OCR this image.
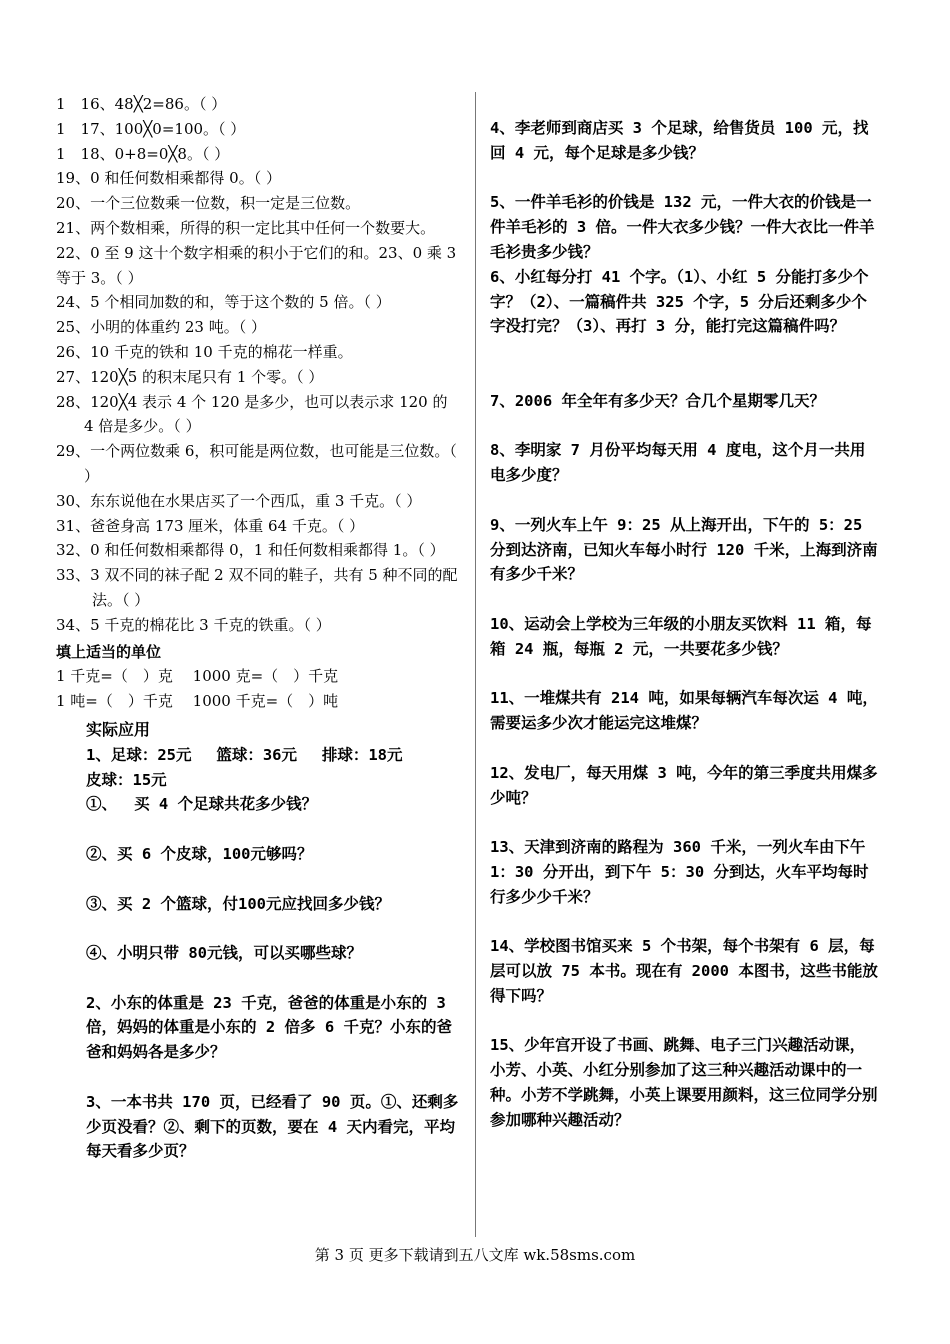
1　16、48╳2=86。（ ）
1　17、100╳0=100。（ ）
1　18、0+8=0╳8。（ ）
19、0 和任何数相乘都得 0。（ ）
20、一个三位数乘一位数，积一定是三位数。
21、两个数相乘，所得的积一定比其中任何一个数要大。
22、0 至 9 这十个数字相乘的积小于它们的和。23、0 乘 3 等于 3。（ ）
24、5 个相同加数的和，等于这个数的 5 倍。（ ）
25、小明的体重约 23 吨。（ ）
26、10 千克的铁和 10 千克的棉花一样重。
27、120╳5 的积末尾只有 1 个零。（ ）
28、120╳4 表示 4 个 120 是多少，也可以表示求 120 的 4 倍是多少。（ ）
29、一个两位数乘 6，积可能是两位数，也可能是三位数。（ ）
30、东东说他在水果店买了一个西瓜，重 3 千克。（ ）
31、爸爸身高 173 厘米，体重 64 千克。（ ）
32、0 和任何数相乘都得 0，1 和任何数相乘都得 1。（ ）
33、3 双不同的袜子配 2 双不同的鞋子，共有 5 种不同的配法。（ ）
34、5 千克的棉花比 3 千克的铁重。（ ）
填上适当的单位
1 千克=（　）克　 1000 克=（　）千克
1 吨=（　）千克　 1000 千克=（　）吨
实际应用
1、足球：25元　 篮球：36元　 排球：18元
皮球：15元
①、　 买 4 个足球共花多少钱？
②、买 6 个皮球，100元够吗？
③、买 2 个篮球，付100元应找回多少钱？
④、小明只带 80元钱，可以买哪些球？
2、小东的体重是 23 千克，爸爸的体重是小东的 3 倍，妈妈的体重是小东的 2 倍多 6 千克？小东的爸爸和妈妈各是多少？
3、一本书共 170 页，已经看了 90 页。①、还剩多少页没看？②、剩下的页数，要在 4 天内看完，平均每天看多少页？
4、李老师到商店买 3 个足球，给售货员 100 元，找回 4 元，每个足球是多少钱？
5、一件羊毛衫的价钱是 132 元，一件大衣的价钱是一件羊毛衫的 3 倍。一件大衣多少钱？一件大衣比一件羊毛衫贵多少钱？
6、小红每分打 41 个字。（1）、小红 5 分能打多少个字？（2）、一篇稿件共 325 个字，5 分后还剩多少个字没打完？（3）、再打 3 分，能打完这篇稿件吗？
7、2006 年全年有多少天？合几个星期零几天？
8、李明家 7 月份平均每天用 4 度电，这个月一共用电多少度？
9、一列火车上午 9：25 从上海开出，下午的 5：25 分到达济南，已知火车每小时行 120 千米，上海到济南有多少千米？
10、运动会上学校为三年级的小朋友买饮料 11 箱，每箱 24 瓶，每瓶 2 元，一共要花多少钱？
11、一堆煤共有 214 吨，如果每辆汽车每次运 4 吨，需要运多少次才能运完这堆煤？
12、发电厂，每天用煤 3 吨，今年的第三季度共用煤多少吨？
13、天津到济南的路程为 360 千米，一列火车由下午 1：30 分开出，到下午 5：30 分到达，火车平均每时行多少少千米？
14、学校图书馆买来 5 个书架，每个书架有 6 层，每层可以放 75 本书。现在有 2000 本图书，这些书能放得下吗？
15、少年宫开设了书画、跳舞、电子三门兴趣活动课，小芳、小英、小红分别参加了这三种兴趣活动课中的一种。小芳不学跳舞，小英上课要用颜料，这三位同学分别参加哪种兴趣活动？
第 3 页 更多下载请到五八文库 wk.58sms.com
